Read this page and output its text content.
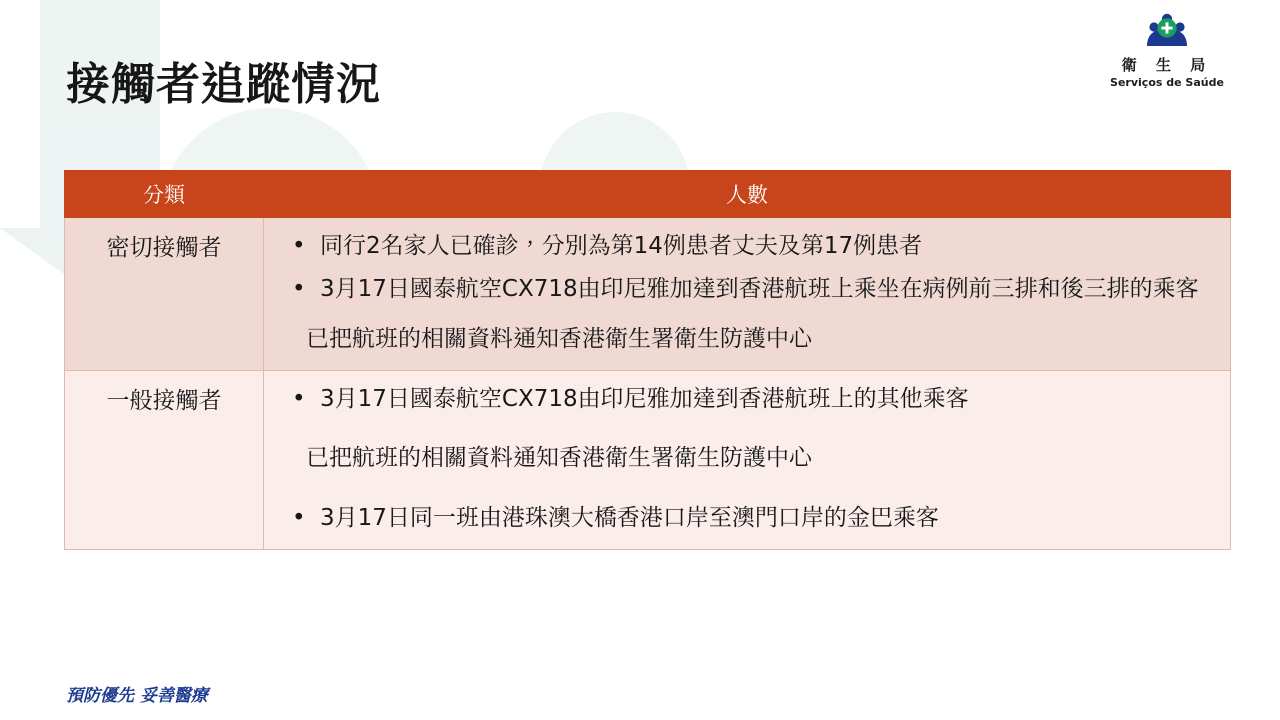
接觸者追蹤情況	衛 生 局
Serviços de Saúde
分類	人數
密切接觸者	• 同行2名家人已確診，分別為第14例患者丈夫及第17例患者
• 3月17日國泰航空CX718由印尼雅加達到香港航班上乘坐在病例前三排和後三排的乘客
已把航班的相關資料通知香港衛生署衛生防護中心

一般接觸者	• 3月17日國泰航空CX718由印尼雅加達到香港航班上的其他乘客
已把航班的相關資料通知香港衛生署衛生防護中心
• 3月17日同一班由港珠澳大橋香港口岸至澳門口岸的金巴乘客
預防優先 妥善醫療
